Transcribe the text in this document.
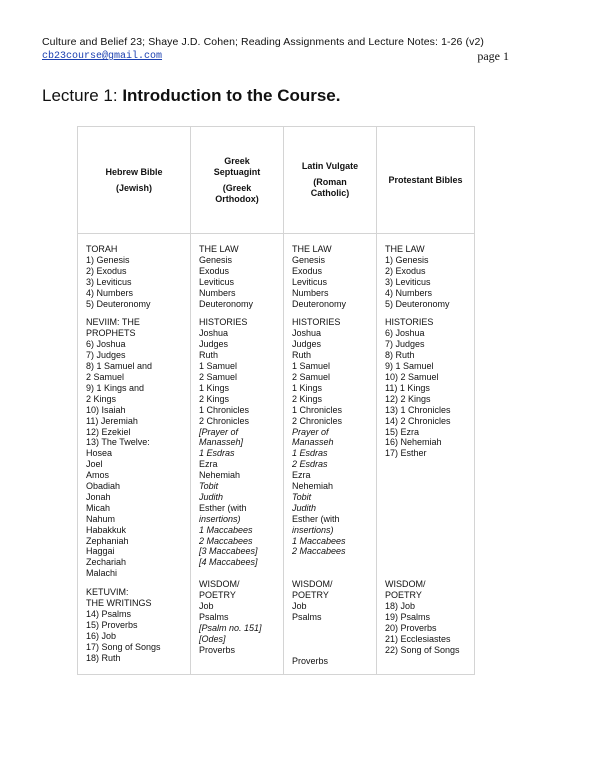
Culture and Belief 23; Shaye J.D. Cohen; Reading Assignments and Lecture Notes: 1-26 (v2)
cb23course@gmail.com	page 1
Lecture 1: Introduction to the Course.
Hebrew Bible
(Jewish)
TORAH
1) Genesis
2) Exodus
3) Leviticus
4) Numbers
5) Deuteronomy
NEVIIM: THE
PROPHETS
6) Joshua
7) Judges
8) 1 Samuel and
2 Samuel
9) 1 Kings and
2 Kings
10) Isaiah
11) Jeremiah
12) Ezekiel
13) The Twelve:
Hosea
Joel
Amos
Obadiah
Jonah
Micah
Nahum
Habakkuk
Zephaniah
Haggai
Zechariah
Malachi
KETUVIM:
THE WRITINGS
14) Psalms
15) Proverbs
16) Job
17) Song of Songs
18) Ruth
Greek Septuagint
(Greek Orthodox)
THE LAW
Genesis
Exodus
Leviticus
Numbers
Deuteronomy
HISTORIES
Joshua
Judges
Ruth
1 Samuel
2 Samuel
1 Kings
2 Kings
1 Chronicles
2 Chronicles
[Prayer of
Manasseh]
1 Esdras
Ezra
Nehemiah
Tobit
Judith
Esther (with
insertions)
1 Maccabees
2 Maccabees
[3 Maccabees]
[4 Maccabees]
WISDOM/
POETRY
Job
Psalms
[Psalm no. 151]
[Odes]
Proverbs
Latin Vulgate
(Roman Catholic)
THE LAW
Genesis
Exodus
Leviticus
Numbers
Deuteronomy
HISTORIES
Joshua
Judges
Ruth
1 Samuel
2 Samuel
1 Kings
2 Kings
1 Chronicles
2 Chronicles
Prayer of
Manasseh
1 Esdras
2 Esdras
Ezra
Nehemiah
Tobit
Judith
Esther (with
insertions)
1 Maccabees
2 Maccabees
WISDOM/
POETRY
Job
Psalms
Proverbs
Protestant Bibles
THE LAW
1) Genesis
2) Exodus
3) Leviticus
4) Numbers
5) Deuteronomy
HISTORIES
6) Joshua
7) Judges
8) Ruth
9) 1 Samuel
10) 2 Samuel
11) 1 Kings
12) 2 Kings
13) 1 Chronicles
14) 2 Chronicles
15) Ezra
16) Nehemiah
17) Esther
WISDOM/
POETRY
18) Job
19) Psalms
20) Proverbs
21) Ecclesiastes
22) Song of Songs
